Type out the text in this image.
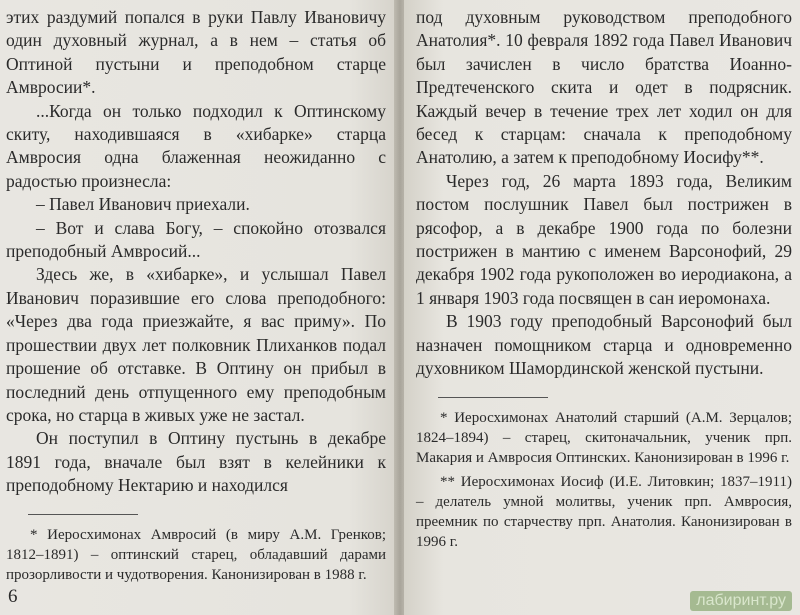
этих раздумий попался в руки Павлу Ивановичу один духовный журнал, а в нем – статья об Оптиной пустыни и преподобном старце Амвросии*.

...Когда он только подходил к Оптинскому скиту, находившаяся в «хибарке» старца Амвросия одна блаженная неожиданно с радостью произнесла:

– Павел Иванович приехали.

– Вот и слава Богу, – спокойно отозвался преподобный Амвросий...

Здесь же, в «хибарке», и услышал Павел Иванович поразившие его слова преподобного: «Через два года приезжайте, я вас приму». По прошествии двух лет полковник Плиханков подал прошение об отставке. В Оптину он прибыл в последний день отпущенного ему преподобным срока, но старца в живых уже не застал.

Он поступил в Оптину пустынь в декабре 1891 года, вначале был взят в келейники к преподобному Нектарию и находился

* Иеросхимонах Амвросий (в миру А.М. Гренков; 1812–1891) – оптинский старец, обладавший дарами прозорливости и чудотворения. Канонизирован в 1988 г.

6

под духовным руководством преподобного Анатолия*. 10 февраля 1892 года Павел Иванович был зачислен в число братства Иоанно-Предтеченского скита и одет в подрясник. Каждый вечер в течение трех лет ходил он для бесед к старцам: сначала к преподобному Анатолию, а затем к преподобному Иосифу**.

Через год, 26 марта 1893 года, Великим постом послушник Павел был пострижен в рясофор, а в декабре 1900 года по болезни пострижен в мантию с именем Варсонофий, 29 декабря 1902 года рукоположен во иеродиакона, а 1 января 1903 года посвящен в сан иеромонаха.

В 1903 году преподобный Варсонофий был назначен помощником старца и одновременно духовником Шамординской женской пустыни.

* Иеросхимонах Анатолий старший (А.М. Зерцалов; 1824–1894) – старец, скитоначальник, ученик прп. Макария и Амвросия Оптинских. Канонизирован в 1996 г.

** Иеросхимонах Иосиф (И.Е. Литовкин; 1837–1911) – делатель умной молитвы, ученик прп. Амвросия, преемник по старчеству прп. Анатолия. Канонизирован в 1996 г.

лабиринт.ру
